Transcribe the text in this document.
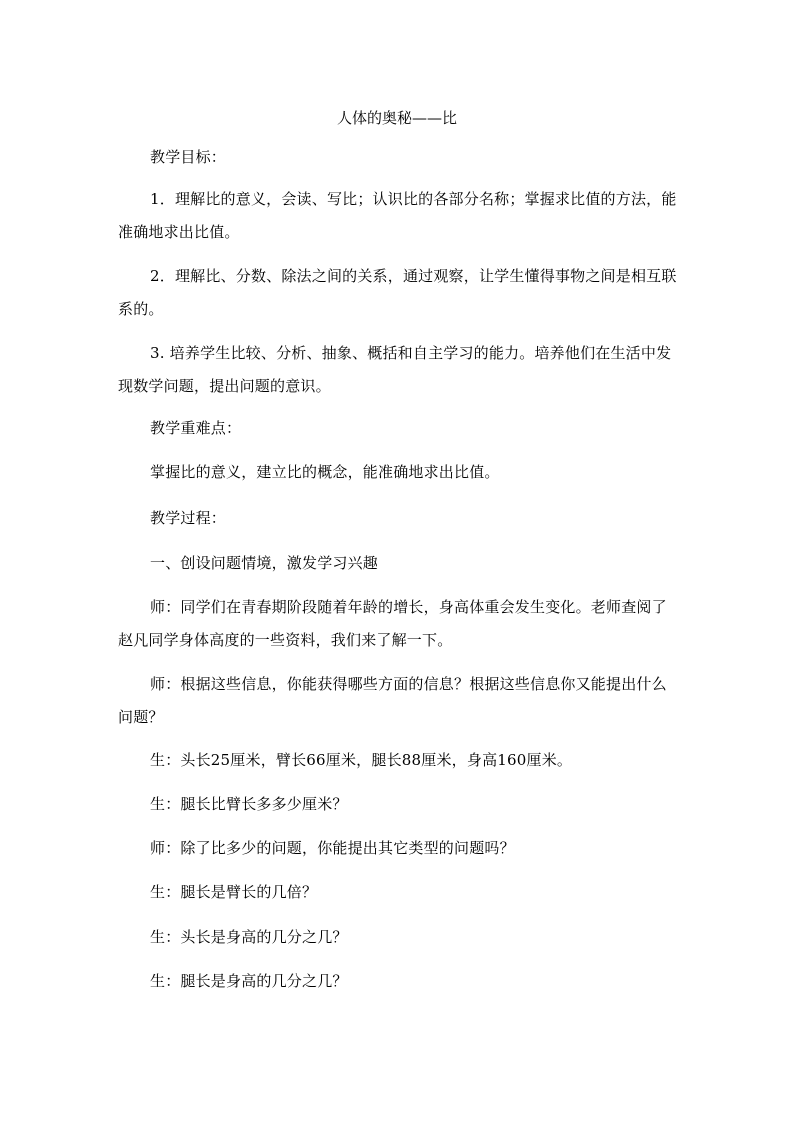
人体的奥秘——比
教学目标：
1．理解比的意义，会读、写比；认识比的各部分名称；掌握求比值的方法，能准确地求出比值。
2．理解比、分数、除法之间的关系，通过观察，让学生懂得事物之间是相互联系的。
3. 培养学生比较、分析、抽象、概括和自主学习的能力。培养他们在生活中发现数学问题，提出问题的意识。
教学重难点：
掌握比的意义，建立比的概念，能准确地求出比值。
教学过程：
一、创设问题情境，激发学习兴趣
师：同学们在青春期阶段随着年龄的增长，身高体重会发生变化。老师查阅了赵凡同学身体高度的一些资料，我们来了解一下。
师：根据这些信息，你能获得哪些方面的信息？根据这些信息你又能提出什么问题？
生：头长25厘米，臂长66厘米，腿长88厘米，身高160厘米。
生：腿长比臂长多多少厘米？
师：除了比多少的问题，你能提出其它类型的问题吗？
生：腿长是臂长的几倍？
生：头长是身高的几分之几？
生：腿长是身高的几分之几？
